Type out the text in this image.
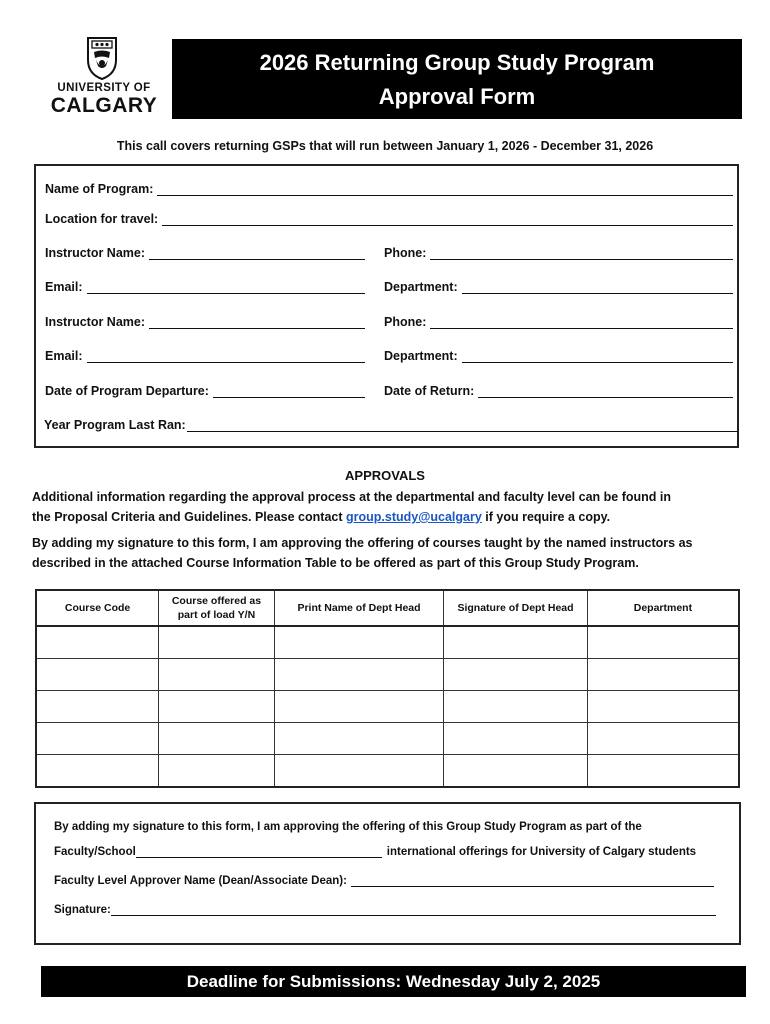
UNIVERSITY OF
CALGARY
2026 Returning Group Study Program
Approval Form
This call covers returning GSPs that will run between January 1, 2026 - December 31, 2026
Name of Program:
Location for travel:
Instructor Name:	Phone:
Email:	Department:
Instructor Name:	Phone:
Email:	Department:
Date of Program Departure:	Date of Return:
Year Program Last Ran:
APPROVALS
Additional information regarding the approval process at the departmental and faculty level can be found in
the Proposal Criteria and Guidelines. Please contact group.study@ucalgary if you require a copy.
By adding my signature to this form, I am approving the offering of courses taught by the named instructors as
described in the attached Course Information Table to be offered as part of this Group Study Program.
Course Code	Course offered as part of load Y/N	Print Name of Dept Head	Signature of Dept Head	Department

By adding my signature to this form, I am approving the offering of this Group Study Program as part of the
Faculty/School	international offerings for University of Calgary students
Faculty Level Approver Name (Dean/Associate Dean):
Signature:
Deadline for Submissions: Wednesday July 2, 2025
